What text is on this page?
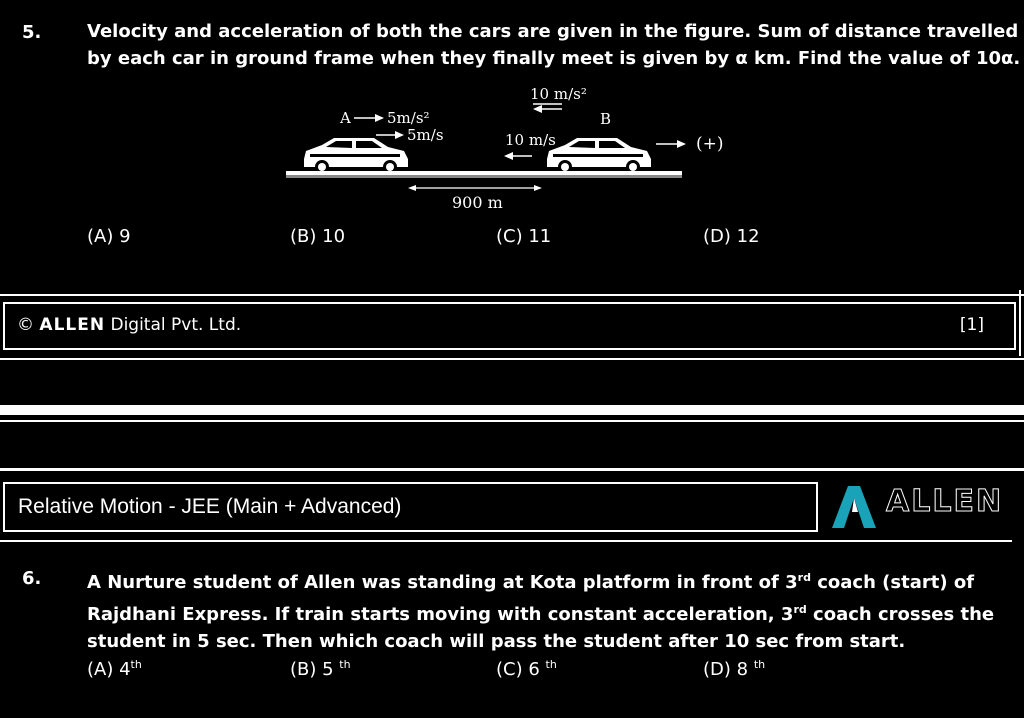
5.	Velocity and acceleration of both the cars are given in the figure. Sum of distance travelled
by each car in ground frame when they finally meet is given by α km. Find the value of 10α.
10 m/s²
A 5m/s²
5m/s	10 m/s
B
(+)
900 m
(A) 9	(B) 10	(C) 11	(D) 12
© ALLEN Digital Pvt. Ltd.	[1]
Relative Motion - JEE (Main + Advanced)	ALLEN
6.	A Nurture student of Allen was standing at Kota platform in front of 3rd coach (start) of
Rajdhani Express. If train starts moving with constant acceleration, 3rd coach crosses the
student in 5 sec. Then which coach will pass the student after 10 sec from start.
(A) 4th	(B) 5 $^{th}$	(C) 6 $^{th}$	(D) 8 $^{th}$
